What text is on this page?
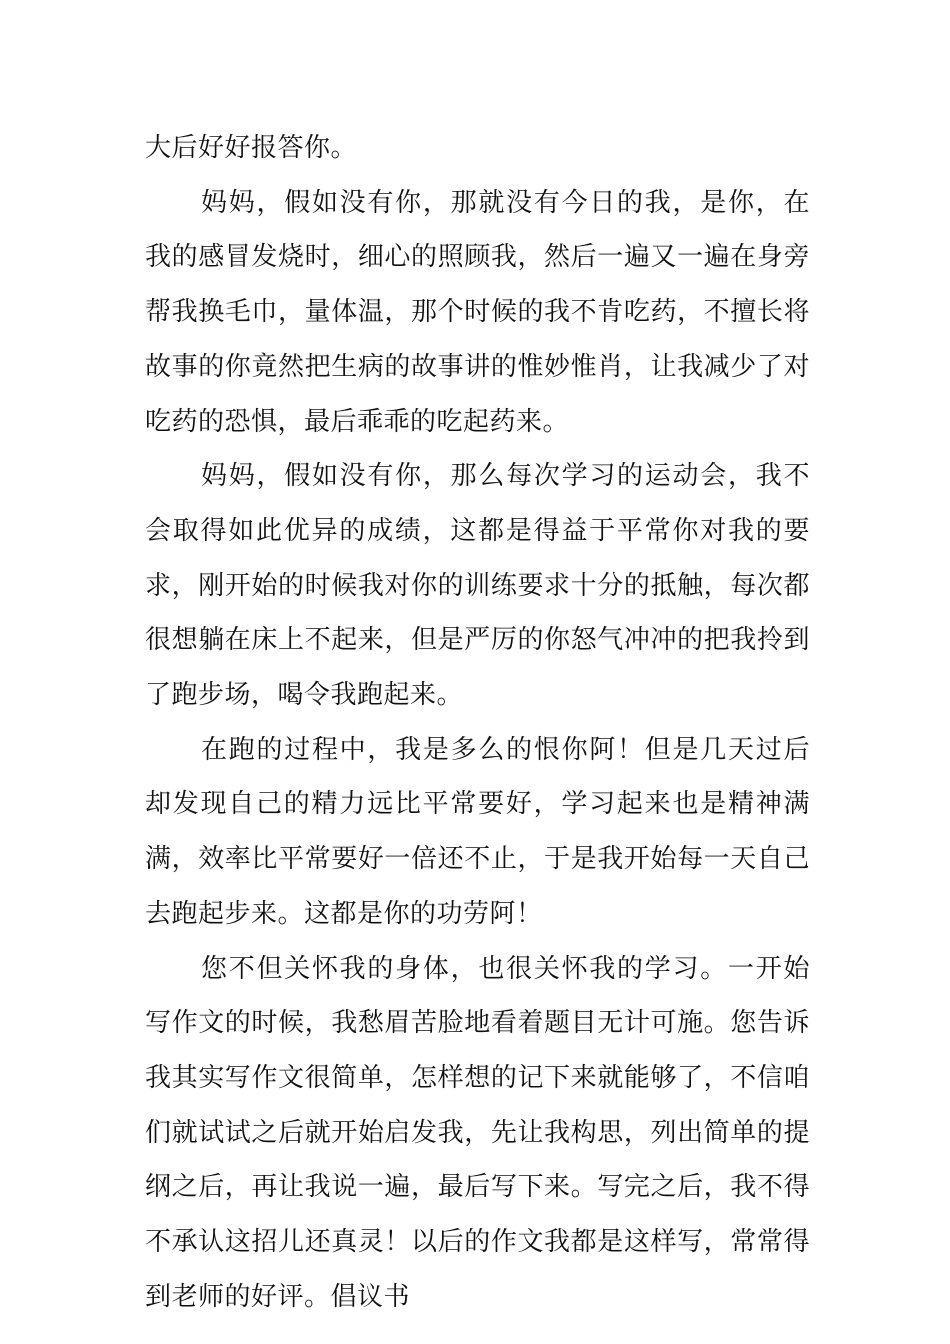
大后好好报答你。

妈妈，假如没有你，那就没有今日的我，是你，在我的感冒发烧时，细心的照顾我，然后一遍又一遍在身旁帮我换毛巾，量体温，那个时候的我不肯吃药，不擅长将故事的你竟然把生病的故事讲的惟妙惟肖，让我减少了对吃药的恐惧，最后乖乖的吃起药来。

妈妈，假如没有你，那么每次学习的运动会，我不会取得如此优异的成绩，这都是得益于平常你对我的要求，刚开始的时候我对你的训练要求十分的抵触，每次都很想躺在床上不起来，但是严厉的你怒气冲冲的把我拎到了跑步场，喝令我跑起来。

在跑的过程中，我是多么的恨你阿！但是几天过后却发现自己的精力远比平常要好，学习起来也是精神满满，效率比平常要好一倍还不止，于是我开始每一天自己去跑起步来。这都是你的功劳阿！

您不但关怀我的身体，也很关怀我的学习。一开始写作文的时候，我愁眉苦脸地看着题目无计可施。您告诉我其实写作文很简单，怎样想的记下来就能够了，不信咱们就试试之后就开始启发我，先让我构思，列出简单的提纲之后，再让我说一遍，最后写下来。写完之后，我不得不承认这招儿还真灵！以后的作文我都是这样写，常常得到老师的好评。倡议书
